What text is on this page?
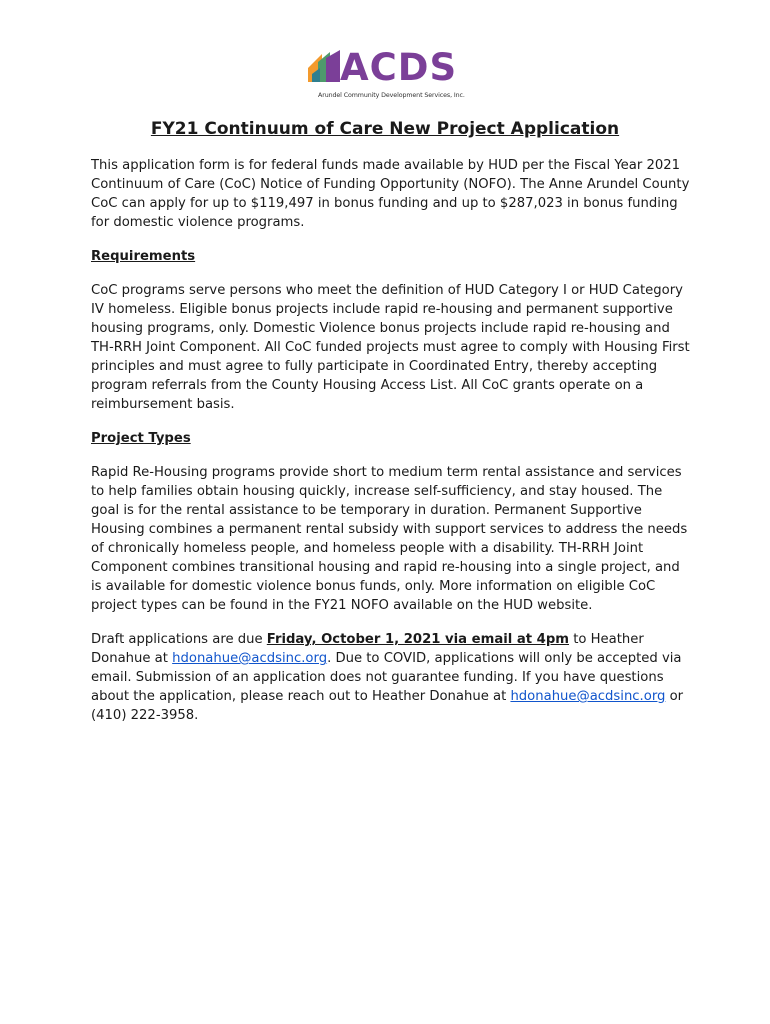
ACDS
Arundel Community Development Services, Inc.
FY21 Continuum of Care New Project Application

This application form is for federal funds made available by HUD per the Fiscal Year 2021 Continuum of Care (CoC) Notice of Funding Opportunity (NOFO). The Anne Arundel County CoC can apply for up to $119,497 in bonus funding and up to $287,023 in bonus funding for domestic violence programs.

Requirements

CoC programs serve persons who meet the definition of HUD Category I or HUD Category IV homeless. Eligible bonus projects include rapid re-housing and permanent supportive housing programs, only. Domestic Violence bonus projects include rapid re-housing and TH-RRH Joint Component. All CoC funded projects must agree to comply with Housing First principles and must agree to fully participate in Coordinated Entry, thereby accepting program referrals from the County Housing Access List. All CoC grants operate on a reimbursement basis.

Project Types

Rapid Re-Housing programs provide short to medium term rental assistance and services to help families obtain housing quickly, increase self-sufficiency, and stay housed. The goal is for the rental assistance to be temporary in duration. Permanent Supportive Housing combines a permanent rental subsidy with support services to address the needs of chronically homeless people, and homeless people with a disability. TH-RRH Joint Component combines transitional housing and rapid re-housing into a single project, and is available for domestic violence bonus funds, only. More information on eligible CoC project types can be found in the FY21 NOFO available on the HUD website.

Draft applications are due Friday, October 1, 2021 via email at 4pm to Heather Donahue at hdonahue@acdsinc.org. Due to COVID, applications will only be accepted via email. Submission of an application does not guarantee funding. If you have questions about the application, please reach out to Heather Donahue at hdonahue@acdsinc.org or (410) 222-3958.
